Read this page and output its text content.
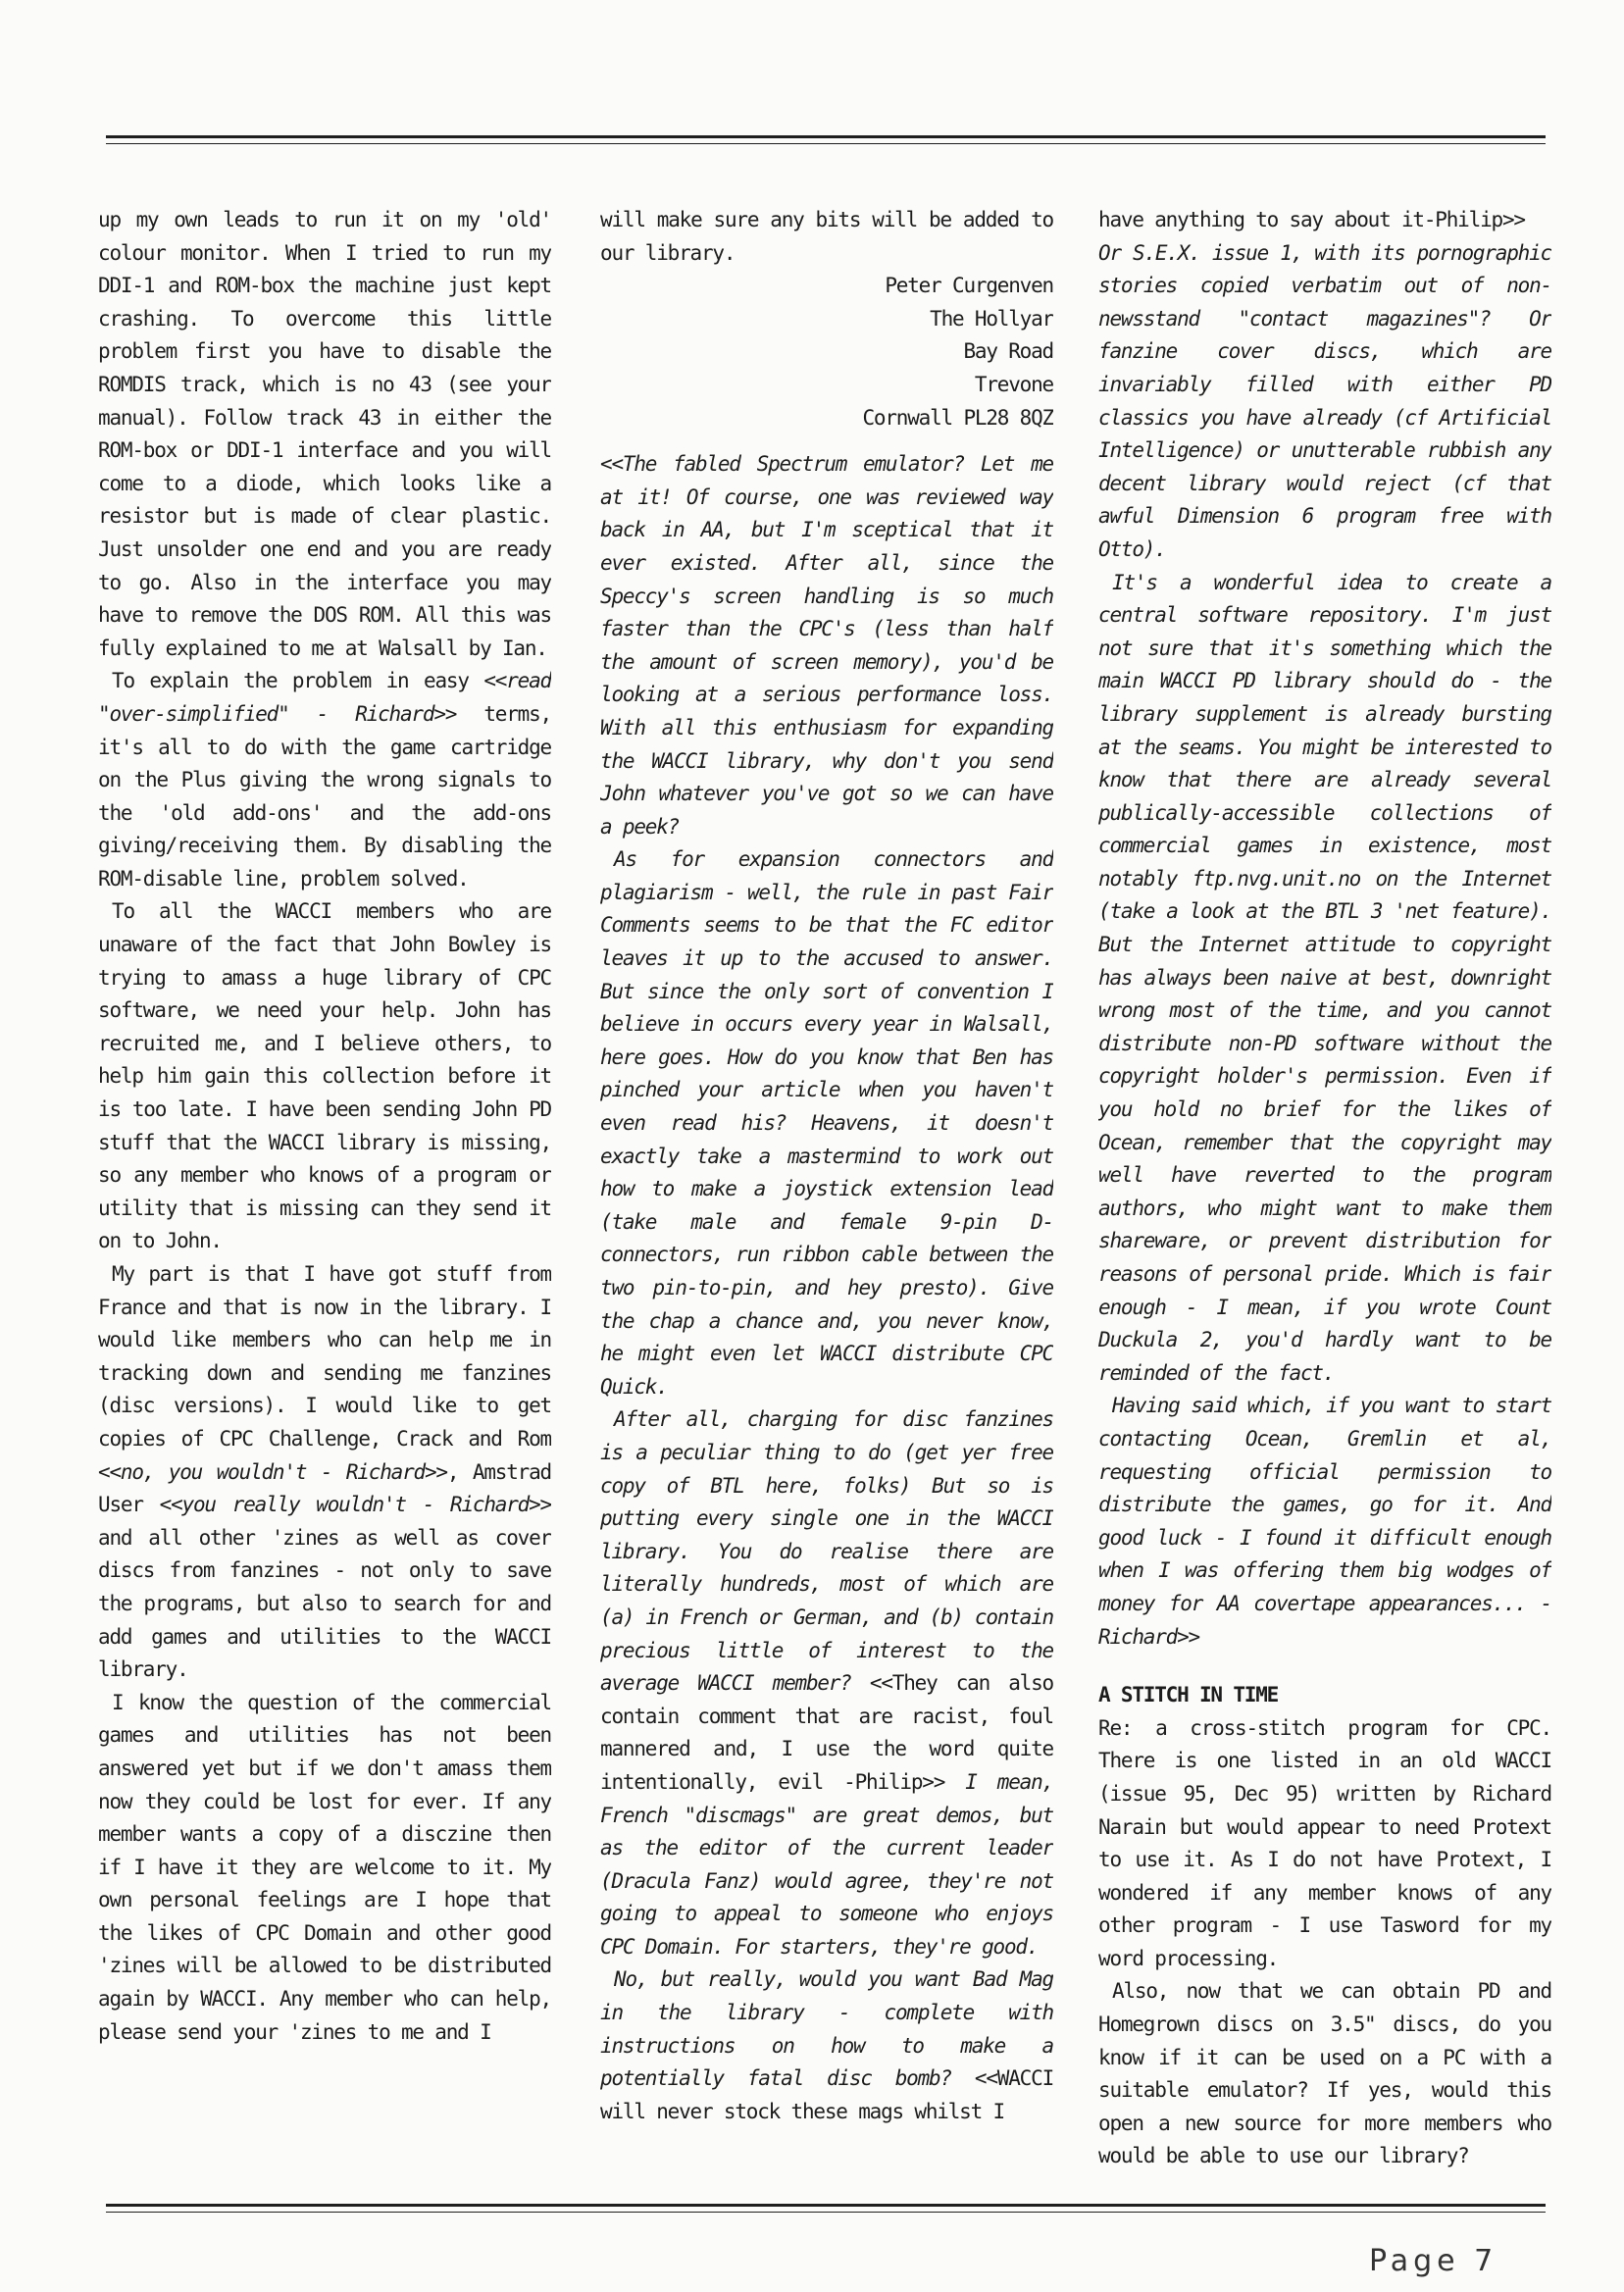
up my own leads to run it on my 'old' colour monitor. When I tried to run my DDI-1 and ROM-box the machine just kept crashing. To overcome this little problem first you have to disable the ROMDIS track, which is no 43 (see your manual). Follow track 43 in either the ROM-box or DDI-1 interface and you will come to a diode, which looks like a resistor but is made of clear plastic. Just unsolder one end and you are ready to go. Also in the interface you may have to remove the DOS ROM. All this was fully explained to me at Walsall by Ian.

To explain the problem in easy <<read "over-simplified" - Richard>> terms, it's all to do with the game cartridge on the Plus giving the wrong signals to the 'old add-ons' and the add-ons giving/receiving them. By disabling the ROM-disable line, problem solved.

To all the WACCI members who are unaware of the fact that John Bowley is trying to amass a huge library of CPC software, we need your help. John has recruited me, and I believe others, to help him gain this collection before it is too late. I have been sending John PD stuff that the WACCI library is missing, so any member who knows of a program or utility that is missing can they send it on to John.

My part is that I have got stuff from France and that is now in the library. I would like members who can help me in tracking down and sending me fanzines (disc versions). I would like to get copies of CPC Challenge, Crack and Rom <<no, you wouldn't - Richard>>, Amstrad User <<you really wouldn't - Richard>> and all other 'zines as well as cover discs from fanzines - not only to save the programs, but also to search for and add games and utilities to the WACCI library.

I know the question of the commercial games and utilities has not been answered yet but if we don't amass them now they could be lost for ever. If any member wants a copy of a disczine then if I have it they are welcome to it. My own personal feelings are I hope that the likes of CPC Domain and other good 'zines will be allowed to be distributed again by WACCI. Any member who can help, please send your 'zines to me and I

will make sure any bits will be added to our library.

Peter Curgenven
The Hollyar
Bay Road
Trevone
Cornwall PL28 8QZ

<<The fabled Spectrum emulator? Let me at it! Of course, one was reviewed way back in AA, but I'm sceptical that it ever existed. After all, since the Speccy's screen handling is so much faster than the CPC's (less than half the amount of screen memory), you'd be looking at a serious performance loss. With all this enthusiasm for expanding the WACCI library, why don't you send John whatever you've got so we can have a peek?

As for expansion connectors and plagiarism - well, the rule in past Fair Comments seems to be that the FC editor leaves it up to the accused to answer. But since the only sort of convention I believe in occurs every year in Walsall, here goes. How do you know that Ben has pinched your article when you haven't even read his? Heavens, it doesn't exactly take a mastermind to work out how to make a joystick extension lead (take male and female 9-pin D-connectors, run ribbon cable between the two pin-to-pin, and hey presto). Give the chap a chance and, you never know, he might even let WACCI distribute CPC Quick.

After all, charging for disc fanzines is a peculiar thing to do (get yer free copy of BTL here, folks) But so is putting every single one in the WACCI library. You do realise there are literally hundreds, most of which are (a) in French or German, and (b) contain precious little of interest to the average WACCI member? <<They can also contain comment that are racist, foul mannered and, I use the word quite intentionally, evil -Philip>> I mean, French "discmags" are great demos, but as the editor of the current leader (Dracula Fanz) would agree, they're not going to appeal to someone who enjoys CPC Domain. For starters, they're good.

No, but really, would you want Bad Mag in the library - complete with instructions on how to make a potentially fatal disc bomb? <<WACCI will never stock these mags whilst I

have anything to say about it-Philip>>

Or S.E.X. issue 1, with its pornographic stories copied verbatim out of non-newsstand "contact magazines"? Or fanzine cover discs, which are invariably filled with either PD classics you have already (cf Artificial Intelligence) or unutterable rubbish any decent library would reject (cf that awful Dimension 6 program free with Otto).

It's a wonderful idea to create a central software repository. I'm just not sure that it's something which the main WACCI PD library should do - the library supplement is already bursting at the seams. You might be interested to know that there are already several publically-accessible collections of commercial games in existence, most notably ftp.nvg.unit.no on the Internet (take a look at the BTL 3 'net feature). But the Internet attitude to copyright has always been naive at best, downright wrong most of the time, and you cannot distribute non-PD software without the copyright holder's permission. Even if you hold no brief for the likes of Ocean, remember that the copyright may well have reverted to the program authors, who might want to make them shareware, or prevent distribution for reasons of personal pride. Which is fair enough - I mean, if you wrote Count Duckula 2, you'd hardly want to be reminded of the fact.

Having said which, if you want to start contacting Ocean, Gremlin et al, requesting official permission to distribute the games, go for it. And good luck - I found it difficult enough when I was offering them big wodges of money for AA covertape appearances... -Richard>>

A STITCH IN TIME

Re: a cross-stitch program for CPC. There is one listed in an old WACCI (issue 95, Dec 95) written by Richard Narain but would appear to need Protext to use it. As I do not have Protext, I wondered if any member knows of any other program - I use Tasword for my word processing.

Also, now that we can obtain PD and Homegrown discs on 3.5" discs, do you know if it can be used on a PC with a suitable emulator? If yes, would this open a new source for more members who would be able to use our library?

Page 7
